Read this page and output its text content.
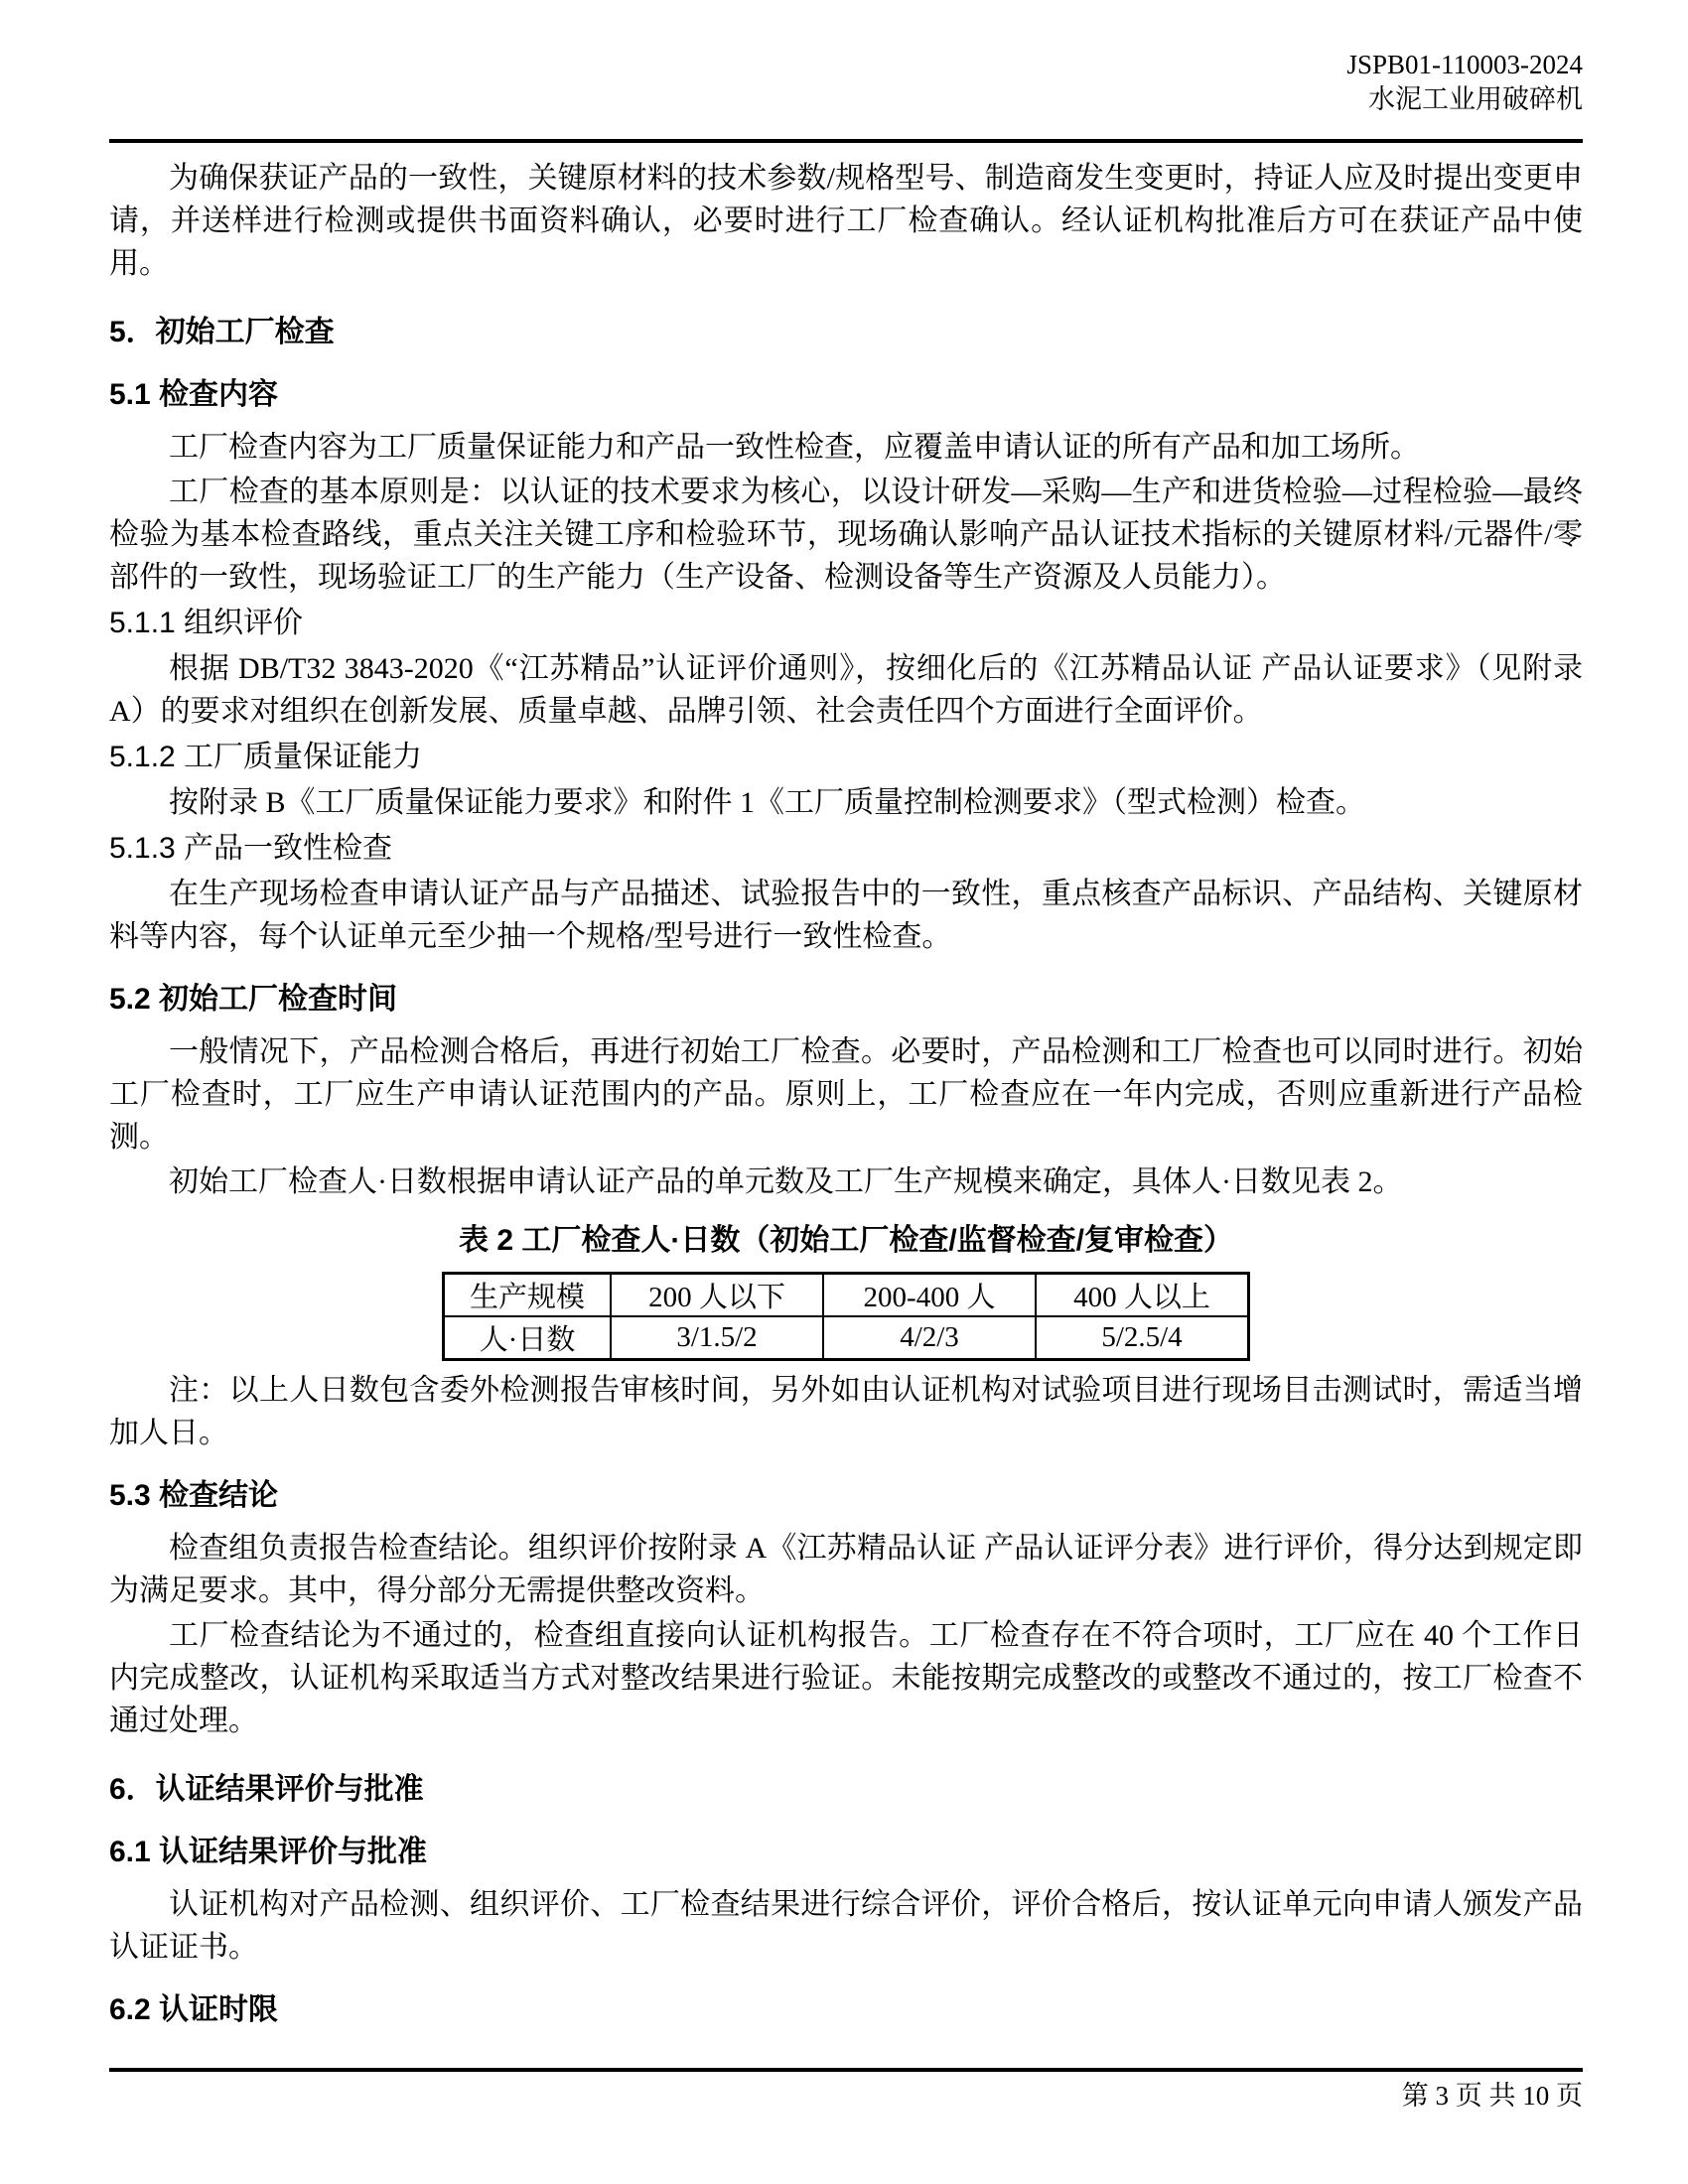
JSPB01-110003-2024
水泥工业用破碎机

为确保获证产品的一致性，关键原材料的技术参数/规格型号、制造商发生变更时，持证人应及时提出变更申请，并送样进行检测或提供书面资料确认，必要时进行工厂检查确认。经认证机构批准后方可在获证产品中使用。

5．初始工厂检查
5.1 检查内容

工厂检查内容为工厂质量保证能力和产品一致性检查，应覆盖申请认证的所有产品和加工场所。

工厂检查的基本原则是：以认证的技术要求为核心，以设计研发—采购—生产和进货检验—过程检验—最终检验为基本检查路线，重点关注关键工序和检验环节，现场确认影响产品认证技术指标的关键原材料/元器件/零部件的一致性，现场验证工厂的生产能力（生产设备、检测设备等生产资源及人员能力）。

5.1.1 组织评价

根据 DB/T32 3843-2020《“江苏精品”认证评价通则》，按细化后的《江苏精品认证 产品认证要求》（见附录 A）的要求对组织在创新发展、质量卓越、品牌引领、社会责任四个方面进行全面评价。

5.1.2 工厂质量保证能力

按附录 B《工厂质量保证能力要求》和附件 1《工厂质量控制检测要求》（型式检测）检查。

5.1.3 产品一致性检查

在生产现场检查申请认证产品与产品描述、试验报告中的一致性，重点核查产品标识、产品结构、关键原材料等内容，每个认证单元至少抽一个规格/型号进行一致性检查。

5.2 初始工厂检查时间

一般情况下，产品检测合格后，再进行初始工厂检查。必要时，产品检测和工厂检查也可以同时进行。初始工厂检查时，工厂应生产申请认证范围内的产品。原则上，工厂检查应在一年内完成，否则应重新进行产品检测。

初始工厂检查人·日数根据申请认证产品的单元数及工厂生产规模来确定，具体人·日数见表 2。

表 2 工厂检查人·日数（初始工厂检查/监督检查/复审检查）
生产规模	200 人以下	200-400 人	400 人以上
人·日数	3/1.5/2	4/2/3	5/2.5/4

注：以上人日数包含委外检测报告审核时间，另外如由认证机构对试验项目进行现场目击测试时，需适当增加人日。

5.3 检查结论

检查组负责报告检查结论。组织评价按附录 A《江苏精品认证 产品认证评分表》进行评价，得分达到规定即为满足要求。其中，得分部分无需提供整改资料。

工厂检查结论为不通过的，检查组直接向认证机构报告。工厂检查存在不符合项时，工厂应在 40 个工作日内完成整改，认证机构采取适当方式对整改结果进行验证。未能按期完成整改的或整改不通过的，按工厂检查不通过处理。

6．认证结果评价与批准
6.1 认证结果评价与批准

认证机构对产品检测、组织评价、工厂检查结果进行综合评价，评价合格后，按认证单元向申请人颁发产品认证证书。

6.2 认证时限
第 3 页 共 10 页
